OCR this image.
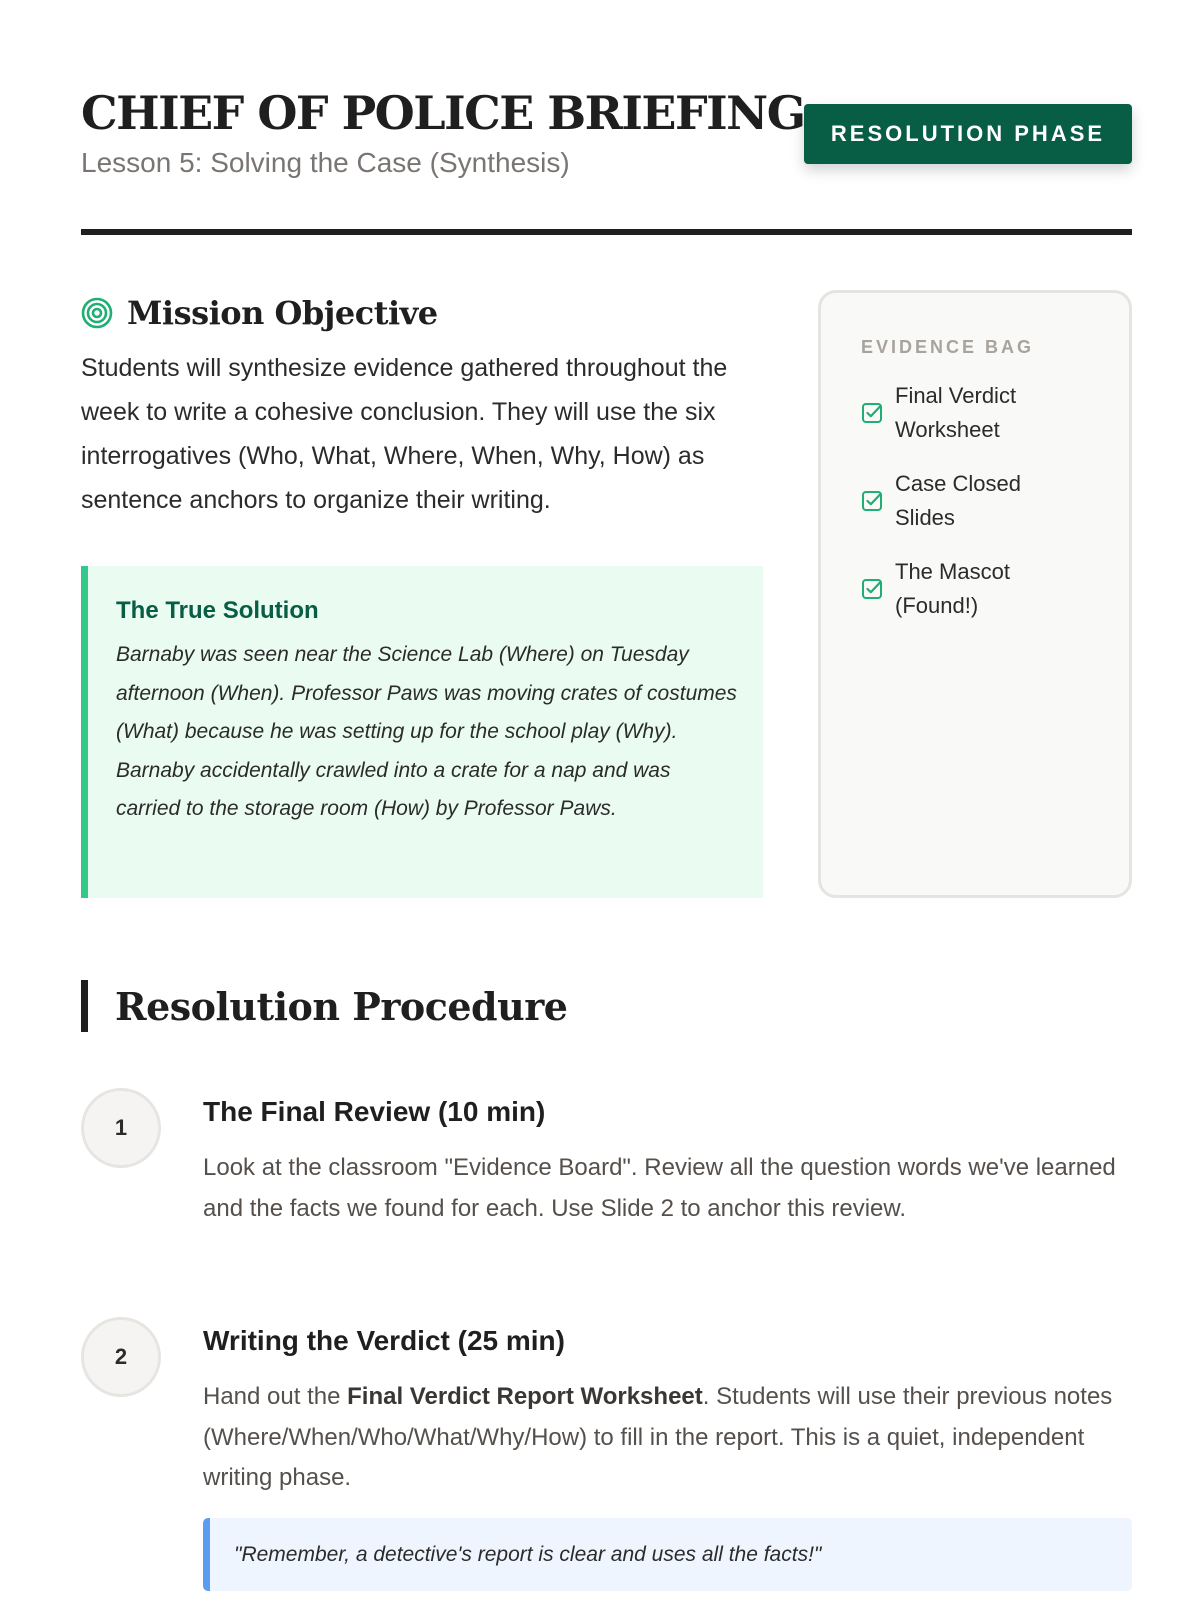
CHIEF OF POLICE BRIEFING
Lesson 5: Solving the Case (Synthesis)
RESOLUTION PHASE
Mission Objective

Students will synthesize evidence gathered throughout the week to write a cohesive conclusion. They will use the six interrogatives (Who, What, Where, When, Why, How) as sentence anchors to organize their writing.

The True Solution

Barnaby was seen near the Science Lab (Where) on Tuesday afternoon (When). Professor Paws was moving crates of costumes (What) because he was setting up for the school play (Why). Barnaby accidentally crawled into a crate for a nap and was carried to the storage room (How) by Professor Paws.

EVIDENCE BAG
Final Verdict Worksheet
Case Closed Slides
The Mascot (Found!)
Resolution Procedure
1
The Final Review (10 min)

Look at the classroom "Evidence Board". Review all the question words we've learned and the facts we found for each. Use Slide 2 to anchor this review.

2
Writing the Verdict (25 min)

Hand out the Final Verdict Report Worksheet. Students will use their previous notes (Where/When/Who/What/Why/How) to fill in the report. This is a quiet, independent writing phase.

"Remember, a detective's report is clear and uses all the facts!"
